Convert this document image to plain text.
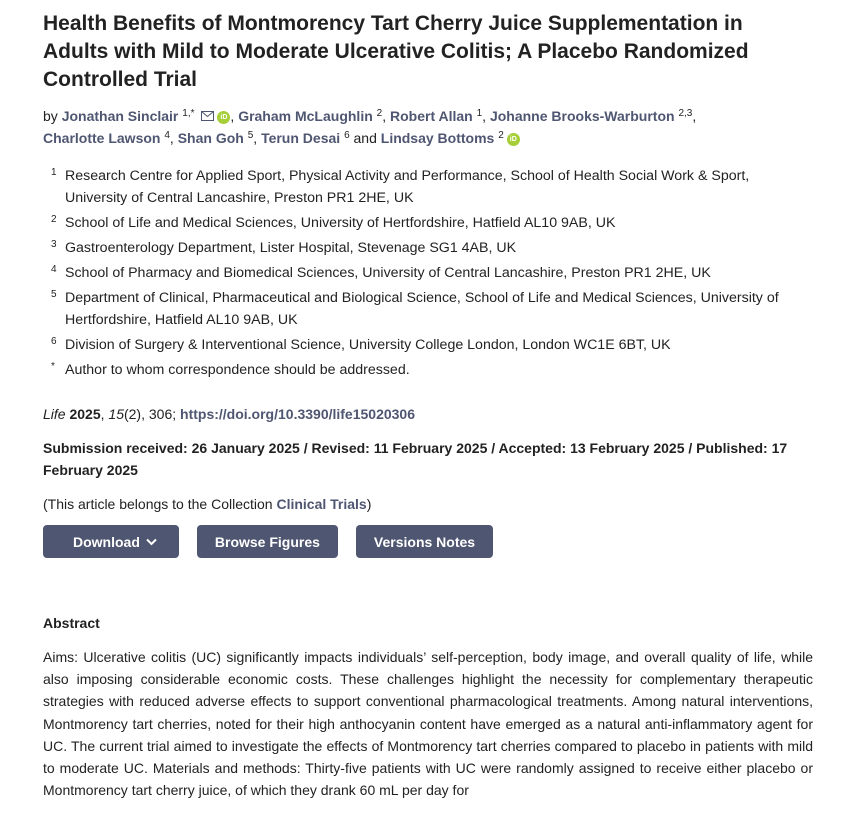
Health Benefits of Montmorency Tart Cherry Juice Supplementation in Adults with Mild to Moderate Ulcerative Colitis; A Placebo Randomized Controlled Trial
by Jonathan Sinclair $^{1,*}$	iD , Graham McLaughlin $^2$, Robert Allan $^1$, Johanne Brooks-Warburton $^{2,3}$,
Charlotte Lawson $^4$, Shan Goh $^5$, Terun Desai $^6$ and Lindsay Bottoms $^2$ iD
1 Research Centre for Applied Sport, Physical Activity and Performance, School of Health Social Work & Sport, University of Central Lancashire, Preston PR1 2HE, UK
2 School of Life and Medical Sciences, University of Hertfordshire, Hatfield AL10 9AB, UK
3 Gastroenterology Department, Lister Hospital, Stevenage SG1 4AB, UK
4 School of Pharmacy and Biomedical Sciences, University of Central Lancashire, Preston PR1 2HE, UK
5 Department of Clinical, Pharmaceutical and Biological Science, School of Life and Medical Sciences, University of Hertfordshire, Hatfield AL10 9AB, UK
6 Division of Surgery & Interventional Science, University College London, London WC1E 6BT, UK
* Author to whom correspondence should be addressed.
Life 2025, 15(2), 306; https://doi.org/10.3390/life15020306
Submission received: 26 January 2025 / Revised: 11 February 2025 / Accepted: 13 February 2025 / Published: 17 February 2025
(This article belongs to the Collection Clinical Trials)
Download	Browse Figures	Versions Notes
Abstract
Aims: Ulcerative colitis (UC) significantly impacts individuals’ self-perception, body image, and overall quality of life, while also imposing considerable economic costs. These challenges highlight the necessity for complementary therapeutic strategies with reduced adverse effects to support conventional pharmacological treatments. Among natural interventions, Montmorency tart cherries, noted for their high anthocyanin content have emerged as a natural anti-inflammatory agent for UC. The current trial aimed to investigate the effects of Montmorency tart cherries compared to placebo in patients with mild to moderate UC. Materials and methods: Thirty-five patients with UC were randomly assigned to receive either placebo or Montmorency tart cherry juice, of which they drank 60 mL per day for
